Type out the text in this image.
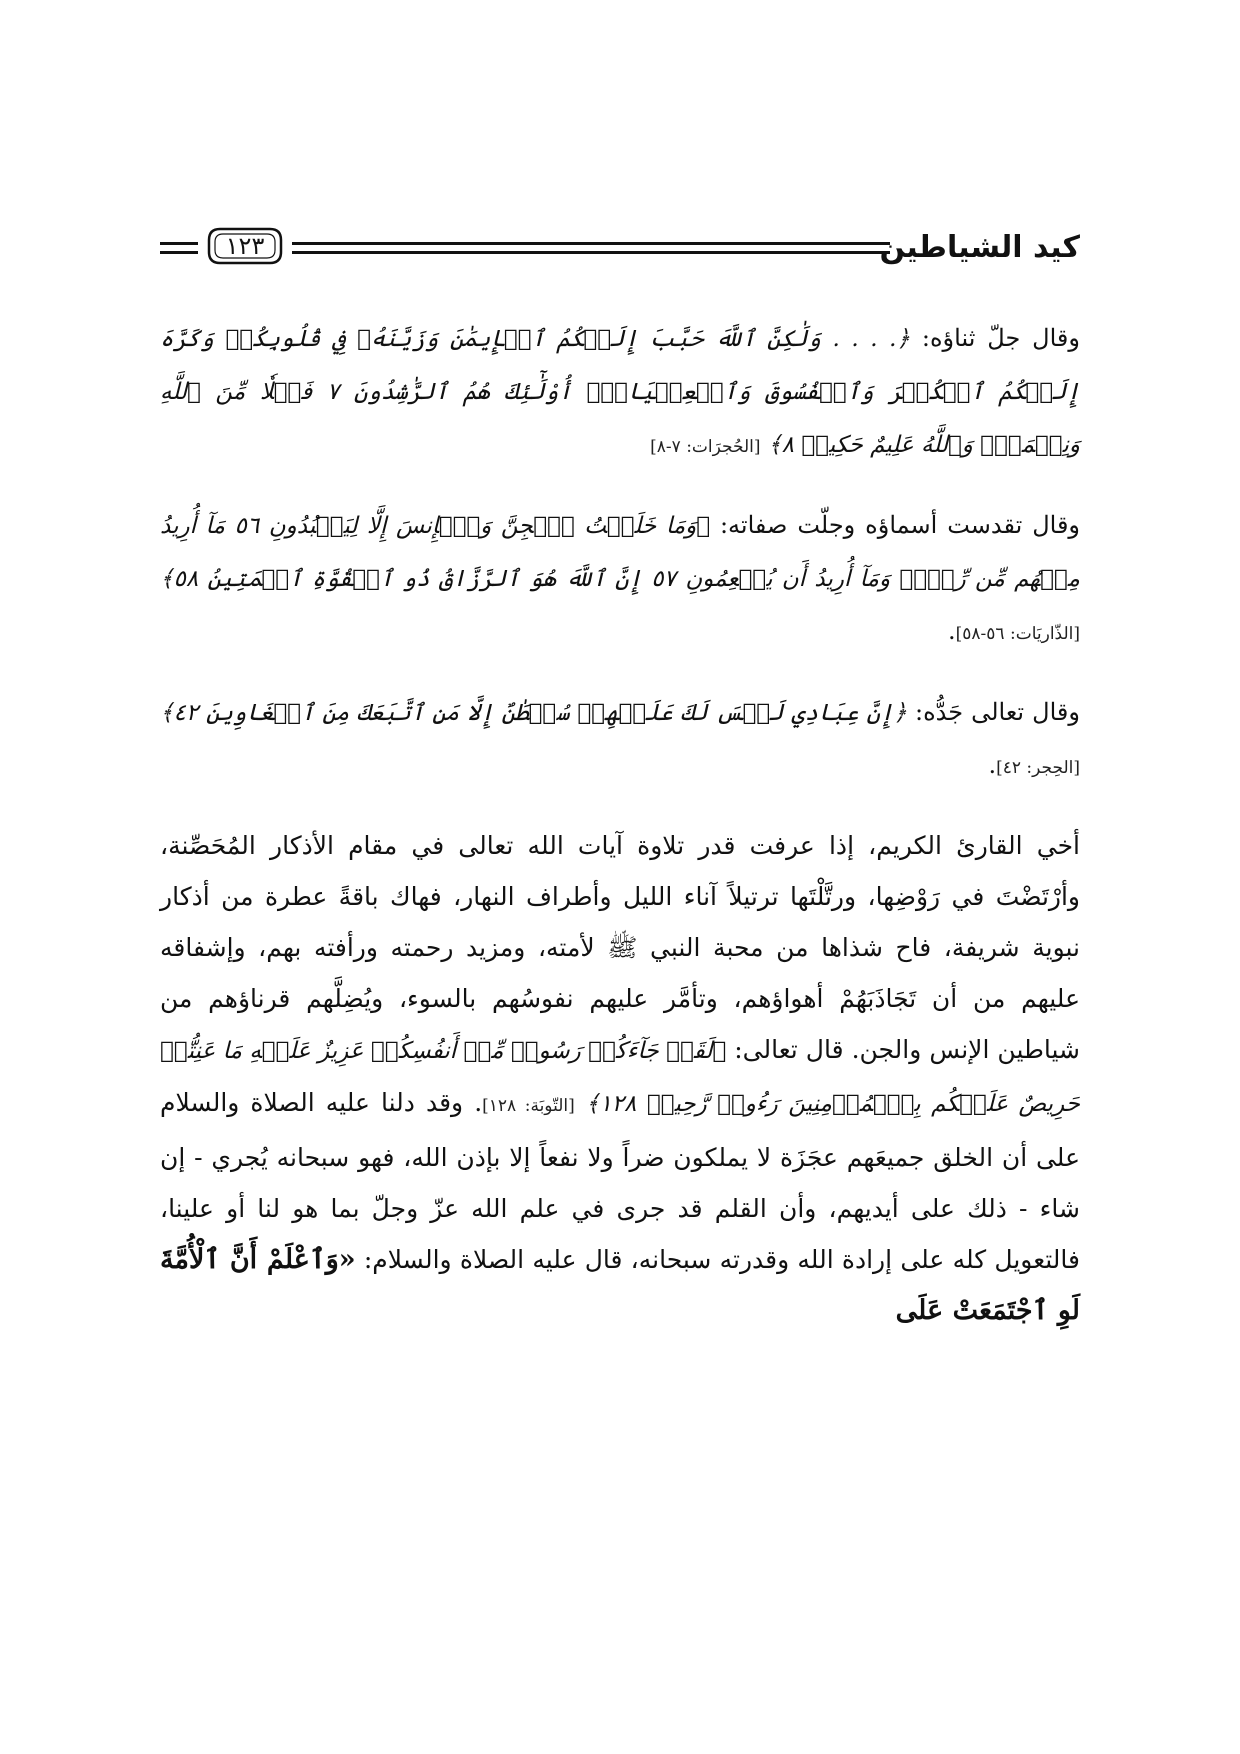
كيد الشياطين
١٢٣

وقال جلّ ثناؤه: ﴿. . . . وَلَٰكِنَّ ٱللَّهَ حَبَّبَ إِلَيۡكُمُ ٱلۡإِيمَٰنَ وَزَيَّنَهُۥ فِي قُلُوبِكُمۡ وَكَرَّهَ إِلَيۡكُمُ ٱلۡكُفۡرَ وَٱلۡفُسُوقَ وَٱلۡعِصۡيَانَۚ أُوْلَٰٓئِكَ هُمُ ٱلرَّٰشِدُونَ ٧ فَضۡلٗا مِّنَ ٱللَّهِ وَنِعۡمَةٗۚ وَٱللَّهُ عَلِيمٌ حَكِيمٞ ٨﴾ [الحُجرَات: ٧-٨]

وقال تقدست أسماؤه وجلّت صفاته: ﴿وَمَا خَلَقۡتُ ٱلۡجِنَّ وَٱلۡإِنسَ إِلَّا لِيَعۡبُدُونِ ٥٦ مَآ أُرِيدُ مِنۡهُم مِّن رِّزۡقٖ وَمَآ أُرِيدُ أَن يُطۡعِمُونِ ٥٧ إِنَّ ٱللَّهَ هُوَ ٱلرَّزَّاقُ ذُو ٱلۡقُوَّةِ ٱلۡمَتِينُ ٥٨﴾ [الذّاريَات: ٥٦-٥٨].

وقال تعالى جَدُّه: ﴿إِنَّ عِبَادِي لَيۡسَ لَكَ عَلَيۡهِمۡ سُلۡطَٰنٌ إِلَّا مَنِ ٱتَّبَعَكَ مِنَ ٱلۡغَاوِينَ ٤٢﴾ [الحِجر: ٤٢].

أخي القارئ الكريم، إذا عرفت قدر تلاوة آيات الله تعالى في مقام الأذكار المُحَصِّنة، وأرْتَضْتَ في رَوْضِها، ورتَّلْتَها ترتيلاً آناء الليل وأطراف النهار، فهاك باقةً عطرة من أذكار نبوية شريفة، فاح شذاها من محبة النبي ﷺ لأمته، ومزيد رحمته ورأفته بهم، وإشفاقه عليهم من أن تَجَاذَبَهُمْ أهواؤهم، وتأمَّر عليهم نفوسُهم بالسوء، ويُضِلَّهم قرناؤهم من شياطين الإنس والجن. قال تعالى: ﴿لَقَدۡ جَآءَكُمۡ رَسُولٞ مِّنۡ أَنفُسِكُمۡ عَزِيزٌ عَلَيۡهِ مَا عَنِتُّمۡ حَرِيصٌ عَلَيۡكُم بِٱلۡمُؤۡمِنِينَ رَءُوفٞ رَّحِيمٞ ١٢٨﴾ [التّوبَة: ١٢٨]. وقد دلنا عليه الصلاة والسلام على أن الخلق جميعَهم عجَزَة لا يملكون ضراً ولا نفعاً إلا بإذن الله، فهو سبحانه يُجري - إن شاء - ذلك على أيديهم، وأن القلم قد جرى في علم الله عزّ وجلّ بما هو لنا أو علينا، فالتعويل كله على إرادة الله وقدرته سبحانه، قال عليه الصلاة والسلام: «وَٱعْلَمْ أَنَّ ٱلْأُمَّةَ لَوِ ٱجْتَمَعَتْ عَلَى
